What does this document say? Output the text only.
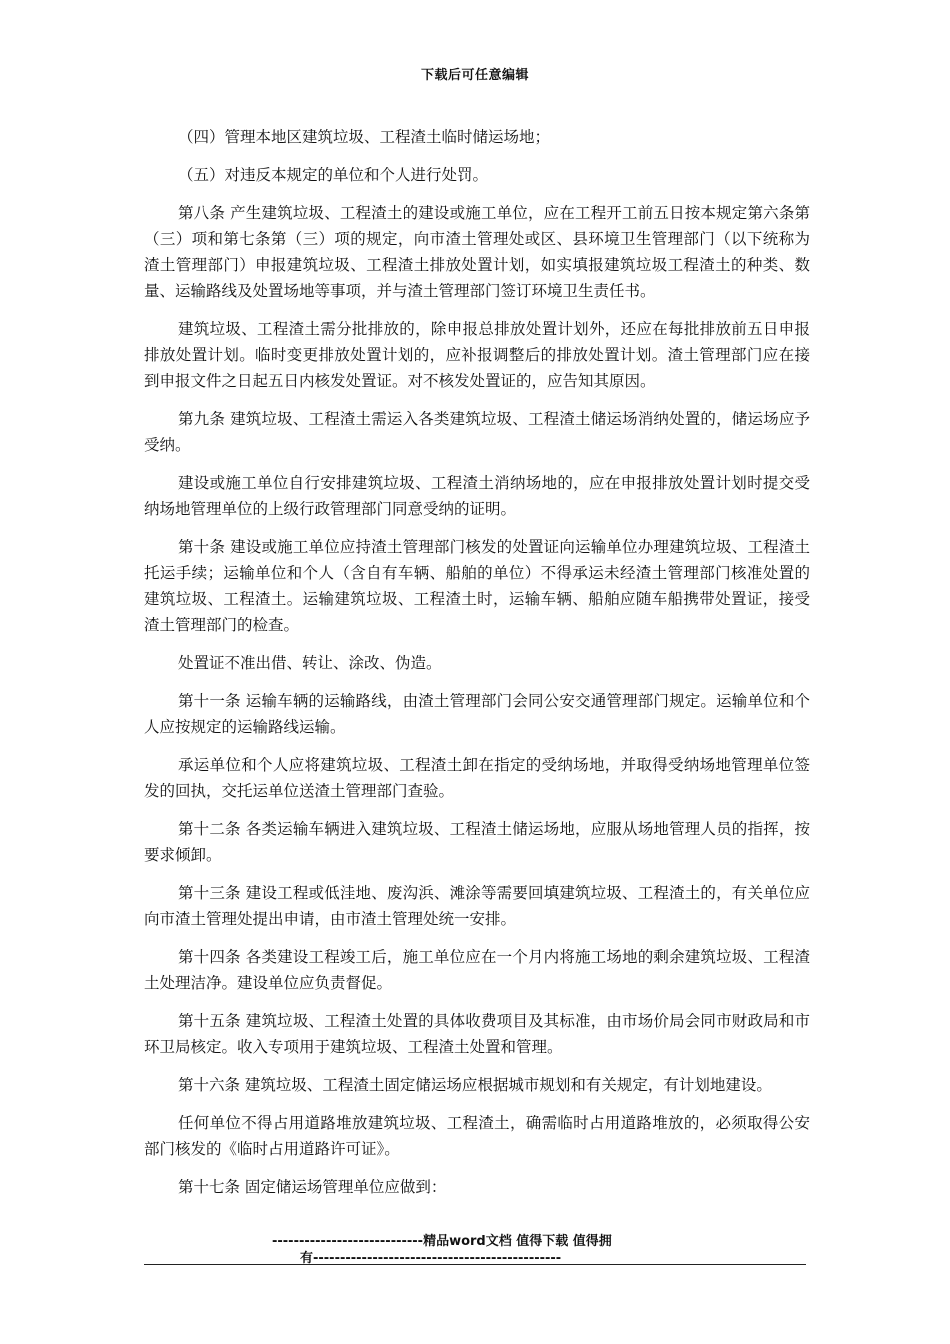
下载后可任意编辑

（四）管理本地区建筑垃圾、工程渣土临时储运场地；

（五）对违反本规定的单位和个人进行处罚。

第八条 产生建筑垃圾、工程渣土的建设或施工单位，应在工程开工前五日按本规定第六条第（三）项和第七条第（三）项的规定，向市渣土管理处或区、县环境卫生管理部门（以下统称为渣土管理部门）申报建筑垃圾、工程渣土排放处置计划，如实填报建筑垃圾工程渣土的种类、数量、运输路线及处置场地等事项，并与渣土管理部门签订环境卫生责任书。

建筑垃圾、工程渣土需分批排放的，除申报总排放处置计划外，还应在每批排放前五日申报排放处置计划。临时变更排放处置计划的，应补报调整后的排放处置计划。渣土管理部门应在接到申报文件之日起五日内核发处置证。对不核发处置证的，应告知其原因。

第九条 建筑垃圾、工程渣土需运入各类建筑垃圾、工程渣土储运场消纳处置的，储运场应予受纳。

建设或施工单位自行安排建筑垃圾、工程渣土消纳场地的，应在申报排放处置计划时提交受纳场地管理单位的上级行政管理部门同意受纳的证明。

第十条 建设或施工单位应持渣土管理部门核发的处置证向运输单位办理建筑垃圾、工程渣土托运手续；运输单位和个人（含自有车辆、船舶的单位）不得承运未经渣土管理部门核准处置的建筑垃圾、工程渣土。运输建筑垃圾、工程渣土时，运输车辆、船舶应随车船携带处置证，接受渣土管理部门的检查。

处置证不准出借、转让、涂改、伪造。

第十一条 运输车辆的运输路线，由渣土管理部门会同公安交通管理部门规定。运输单位和个人应按规定的运输路线运输。

承运单位和个人应将建筑垃圾、工程渣土卸在指定的受纳场地，并取得受纳场地管理单位签发的回执，交托运单位送渣土管理部门查验。

第十二条 各类运输车辆进入建筑垃圾、工程渣土储运场地，应服从场地管理人员的指挥，按要求倾卸。

第十三条 建设工程或低洼地、废沟浜、滩涂等需要回填建筑垃圾、工程渣土的，有关单位应向市渣土管理处提出申请，由市渣土管理处统一安排。

第十四条 各类建设工程竣工后，施工单位应在一个月内将施工场地的剩余建筑垃圾、工程渣土处理洁净。建设单位应负责督促。

第十五条 建筑垃圾、工程渣土处置的具体收费项目及其标准，由市场价局会同市财政局和市环卫局核定。收入专项用于建筑垃圾、工程渣土处置和管理。

第十六条 建筑垃圾、工程渣土固定储运场应根据城市规划和有关规定，有计划地建设。

任何单位不得占用道路堆放建筑垃圾、工程渣土，确需临时占用道路堆放的，必须取得公安部门核发的《临时占用道路许可证》。

第十七条 固定储运场管理单位应做到：

----------------------------精品word文档 值得下载 值得拥
有----------------------------------------------
